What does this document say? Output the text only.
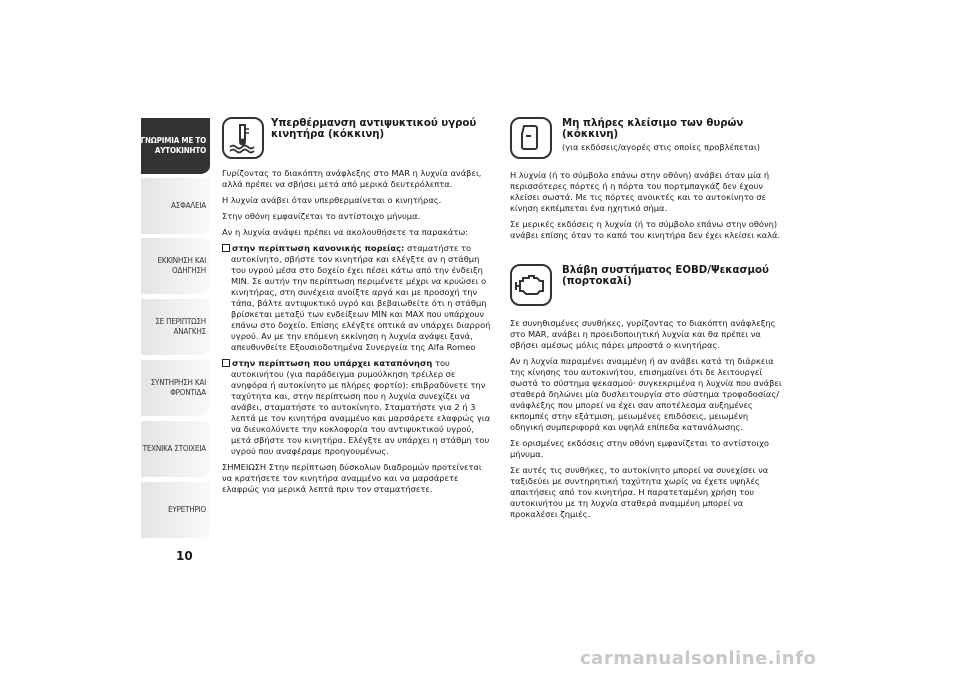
ΓΝΩΡΙΜΙΑ ΜΕ ΤΟ
ΑΥΤΟΚΙΝΗΤΟ
ΑΣΦΑΛΕΙΑ
ΕΚΚΙΝΗΣΗ ΚΑΙ
ΟΔΗΓΗΣΗ
ΣΕ ΠΕΡΙΠΤΩΣΗ
ΑΝΑΓΚΗΣ
ΣΥΝΤΗΡΗΣΗ ΚΑΙ
ΦΡΟΝΤΙΔΑ
ΤΕΧΝΙΚΑ ΣΤΟΙΧΕΙΑ
ΕΥΡΕΤΗΡΙΟ
10
Υπερθέρμανση αντιψυκτικού υγρού κινητήρα (κόκκινη)

Γυρίζοντας το διακόπτη ανάφλεξης στο MAR η λυχνία ανάβει, αλλά πρέπει να σβήσει μετά από μερικά δευτερόλεπτα.

Η λυχνία ανάβει όταν υπερθερμαίνεται ο κινητήρας.

Στην οθόνη εμφανίζεται το αντίστοιχο μήνυμα.

Αν η λυχνία ανάψει πρέπει να ακολουθήσετε τα παρακάτω:

στην περίπτωση κανονικής πορείας: σταματήστε το αυτοκίνητο, σβήστε τον κινητήρα και ελέγξτε αν η στάθμη του υγρού μέσα στο δοχείο έχει πέσει κάτω από την ένδειξη MIN. Σε αυτήν την περίπτωση περιμένετε μέχρι να κρυώσει ο κινητήρας, στη συνέχεια ανοίξτε αργά και με προσοχή την τάπα, βάλτε αντιψυκτικό υγρό και βεβαιωθείτε ότι η στάθμη βρίσκεται μεταξύ των ενδείξεων MIN και MAX που υπάρχουν επάνω στο δοχείο. Επίσης ελέγξτε οπτικά αν υπάρχει διαρροή υγρού. Αν με την επόμενη εκκίνηση η λυχνία ανάψει ξανά, απευθυνθείτε Εξουσιοδοτημένα Συνεργεία της Alfa Romeo

στην περίπτωση που υπάρχει καταπόνηση του αυτοκινήτου (για παράδειγμα ρυμούλκηση τρέιλερ σε ανηφόρα ή αυτοκίνητο με πλήρες φορτίο): επιβραδύνετε την ταχύτητα και, στην περίπτωση που η λυχνία συνεχίζει να ανάβει, σταματήστε το αυτοκίνητο. Σταματήστε για 2 ή 3 λεπτά με τον κινητήρα αναμμένο και μαρσάρετε ελαφρώς για να διευκολύνετε την κυκλοφορία του αντιψυκτικού υγρού, μετά σβήστε τον κινητήρα. Ελέγξτε αν υπάρχει η στάθμη του υγρού που αναφέραμε προηγουμένως.

ΣΗΜΕΙΩΣΗ Στην περίπτωση δύσκολων διαδρομών προτείνεται να κρατήσετε τον κινητήρα αναμμένο και να μαρσάρετε ελαφρώς για μερικά λεπτά πριν τον σταματήσετε.

Μη πλήρες κλείσιμο των θυρών (κόκκινη)
(για εκδόσεις/αγορές στις οποίες προβλέπεται)

Η λυχνία (ή το σύμβολο επάνω στην οθόνη) ανάβει όταν μία ή περισσότερες πόρτες ή η πόρτα του πορτμπαγκάζ δεν έχουν κλείσει σωστά. Με τις πόρτες ανοικτές και το αυτοκίνητο σε κίνηση εκπέμπεται ένα ηχητικό σήμα.

Σε μερικές εκδόσεις η λυχνία (ή το σύμβολο επάνω στην οθόνη) ανάβει επίσης όταν το καπό του κινητήρα δεν έχει κλείσει καλά.

Βλάβη συστήματος EOBD/Ψεκασμού (πορτοκαλί)

Σε συνηθισμένες συνθήκες, γυρίζοντας το διακόπτη ανάφλεξης στο MAR, ανάβει η προειδοποιητική λυχνία και θα πρέπει να σβήσει αμέσως μόλις πάρει μπροστά ο κινητήρας.

Αν η λυχνία παραμένει αναμμένη ή αν ανάβει κατά τη διάρκεια της κίνησης του αυτοκινήτου, επισημαίνει ότι δε λειτουργεί σωστά το σύστημα ψεκασμού· συγκεκριμένα η λυχνία που ανάβει σταθερά δηλώνει μία δυσλειτουργία στο σύστημα τροφοδοσίας/ανάφλεξης που μπορεί να έχει σαν αποτέλεσμα αυξημένες εκπομπές στην εξάτμιση, μειωμένες επιδόσεις, μειωμένη οδηγική συμπεριφορά και υψηλά επίπεδα κατανάλωσης.

Σε ορισμένες εκδόσεις στην οθόνη εμφανίζεται το αντίστοιχο μήνυμα.

Σε αυτές τις συνθήκες, το αυτοκίνητο μπορεί να συνεχίσει να ταξιδεύει με συντηρητική ταχύτητα χωρίς να έχετε υψηλές απαιτήσεις από τον κινητήρα. Η παρατεταμένη χρήση του αυτοκινήτου με τη λυχνία σταθερά αναμμένη μπορεί να προκαλέσει ζημιές.

carmanualsonline.info
